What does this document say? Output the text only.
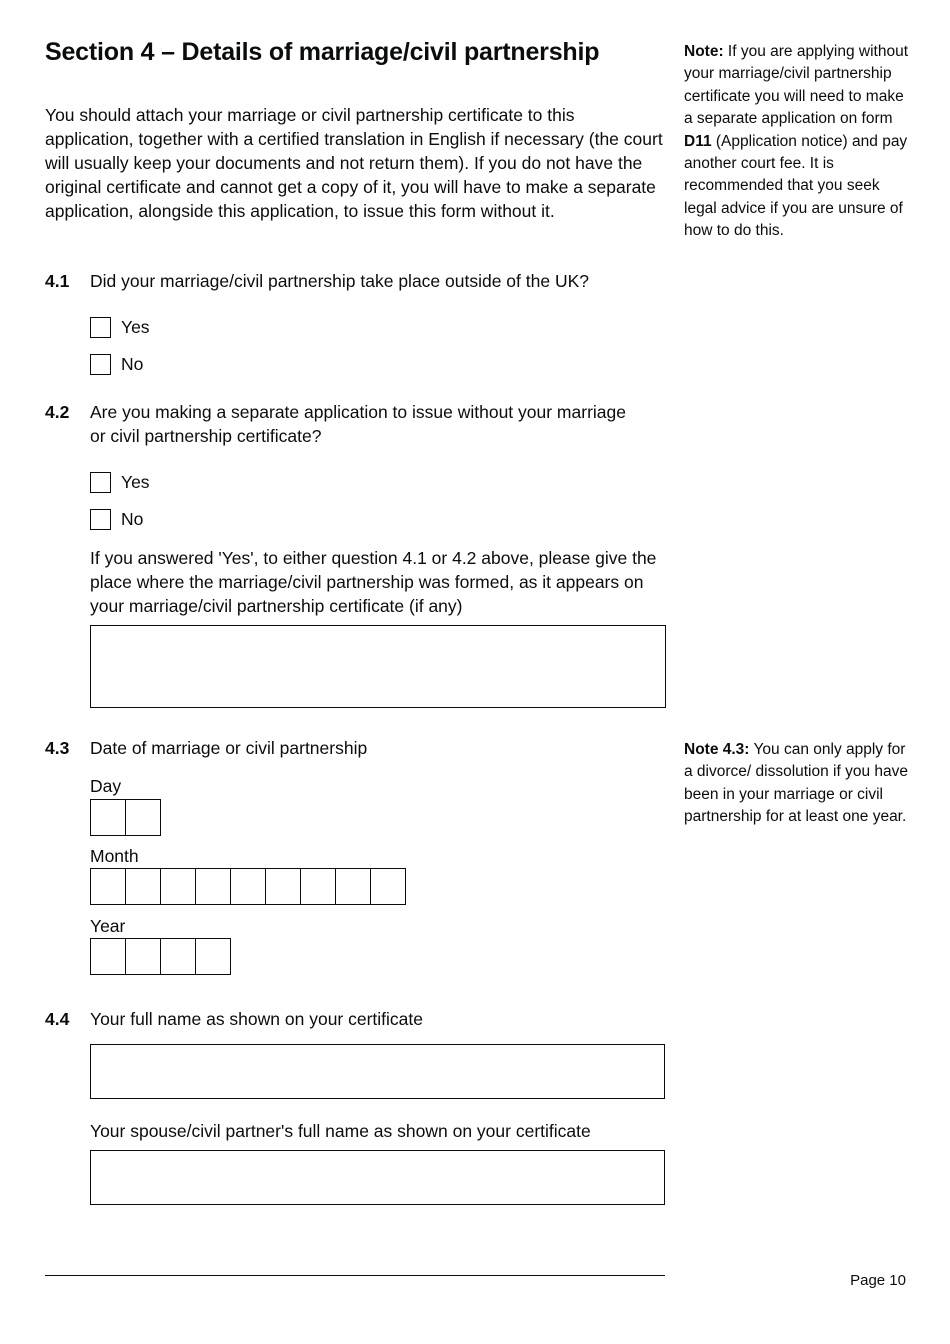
Section 4 – Details of marriage/civil partnership

You should attach your marriage or civil partnership certificate to this application, together with a certified translation in English if necessary (the court will usually keep your documents and not return them). If you do not have the original certificate and cannot get a copy of it, you will have to make a separate application, alongside this application, to issue this form without it.

Note: If you are applying without your marriage/civil partnership certificate you will need to make a separate application on form D11 (Application notice) and pay another court fee. It is recommended that you seek legal advice if you are unsure of how to do this.

4.1 Did your marriage/civil partnership take place outside of the UK?

Yes
No
4.2 Are you making a separate application to issue without your marriage or civil partnership certificate?

Yes
No

If you answered 'Yes', to either question 4.1 or 4.2 above, please give the place where the marriage/civil partnership was formed, as it appears on your marriage/civil partnership certificate (if any)

4.3 Date of marriage or civil partnership

Day
Month
Year

Note 4.3: You can only apply for a divorce/ dissolution if you have been in your marriage or civil partnership for at least one year.

4.4 Your full name as shown on your certificate

Your spouse/civil partner's full name as shown on your certificate

Page 10
